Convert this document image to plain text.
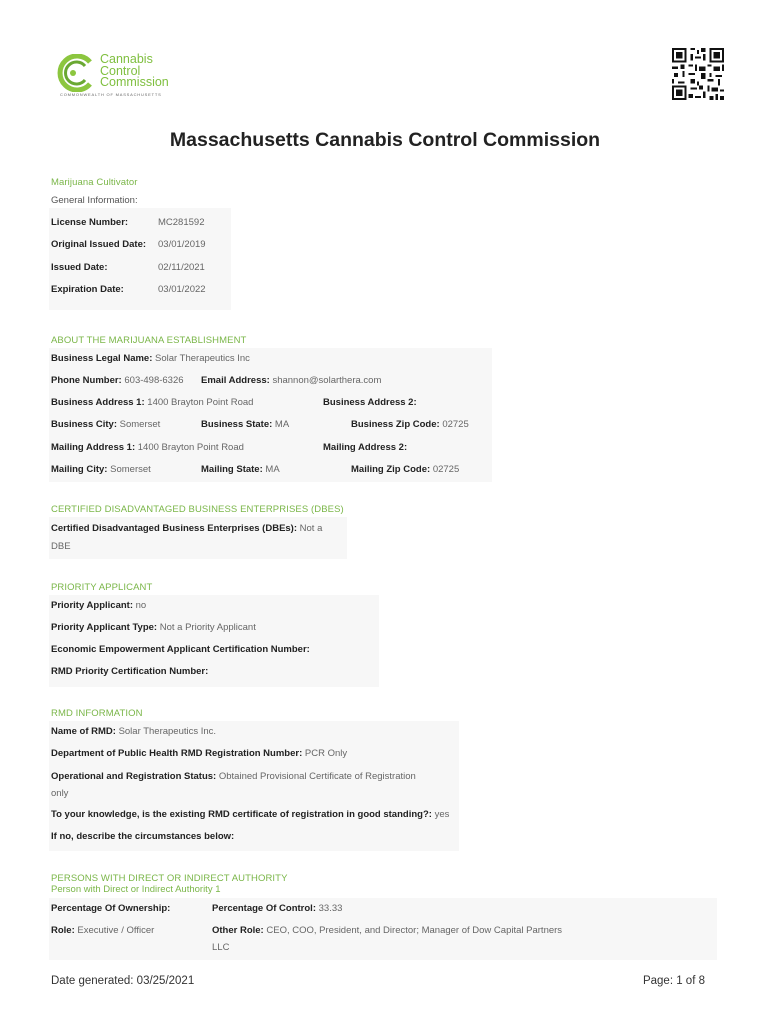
Cannabis
Control
Commission
COMMONWEALTH OF MASSACHUSETTS
Massachusetts Cannabis Control Commission
Marijuana Cultivator
General Information:
License Number:	MC281592
Original Issued Date: 03/01/2019
Issued Date:	02/11/2021
Expiration Date:	03/01/2022
ABOUT THE MARIJUANA ESTABLISHMENT
Business Legal Name: Solar Therapeutics Inc
Phone Number: 603-498-6326 Email Address: shannon@solarthera.com
Business Address 1: 1400 Brayton Point Road	Business Address 2:
Business City: Somerset	Business State: MA	Business Zip Code: 02725
Mailing Address 1: 1400 Brayton Point Road	Mailing Address 2:
Mailing City: Somerset	Mailing State: MA	Mailing Zip Code: 02725
CERTIFIED DISADVANTAGED BUSINESS ENTERPRISES (DBES)
Certified Disadvantaged Business Enterprises (DBEs): Not a
DBE
PRIORITY APPLICANT
Priority Applicant: no
Priority Applicant Type: Not a Priority Applicant
Economic Empowerment Applicant Certification Number:
RMD Priority Certification Number:
RMD INFORMATION
Name of RMD: Solar Therapeutics Inc.
Department of Public Health RMD Registration Number: PCR Only
Operational and Registration Status: Obtained Provisional Certificate of Registration
only
To your knowledge, is the existing RMD certificate of registration in good standing?: yes
If no, describe the circumstances below:
PERSONS WITH DIRECT OR INDIRECT AUTHORITY
Person with Direct or Indirect Authority 1
Percentage Of Ownership:	Percentage Of Control: 33.33
Role: Executive / Officer	Other Role: CEO, COO, President, and Director; Manager of Dow Capital Partners
LLC
Date generated: 03/25/2021	Page: 1 of 8
